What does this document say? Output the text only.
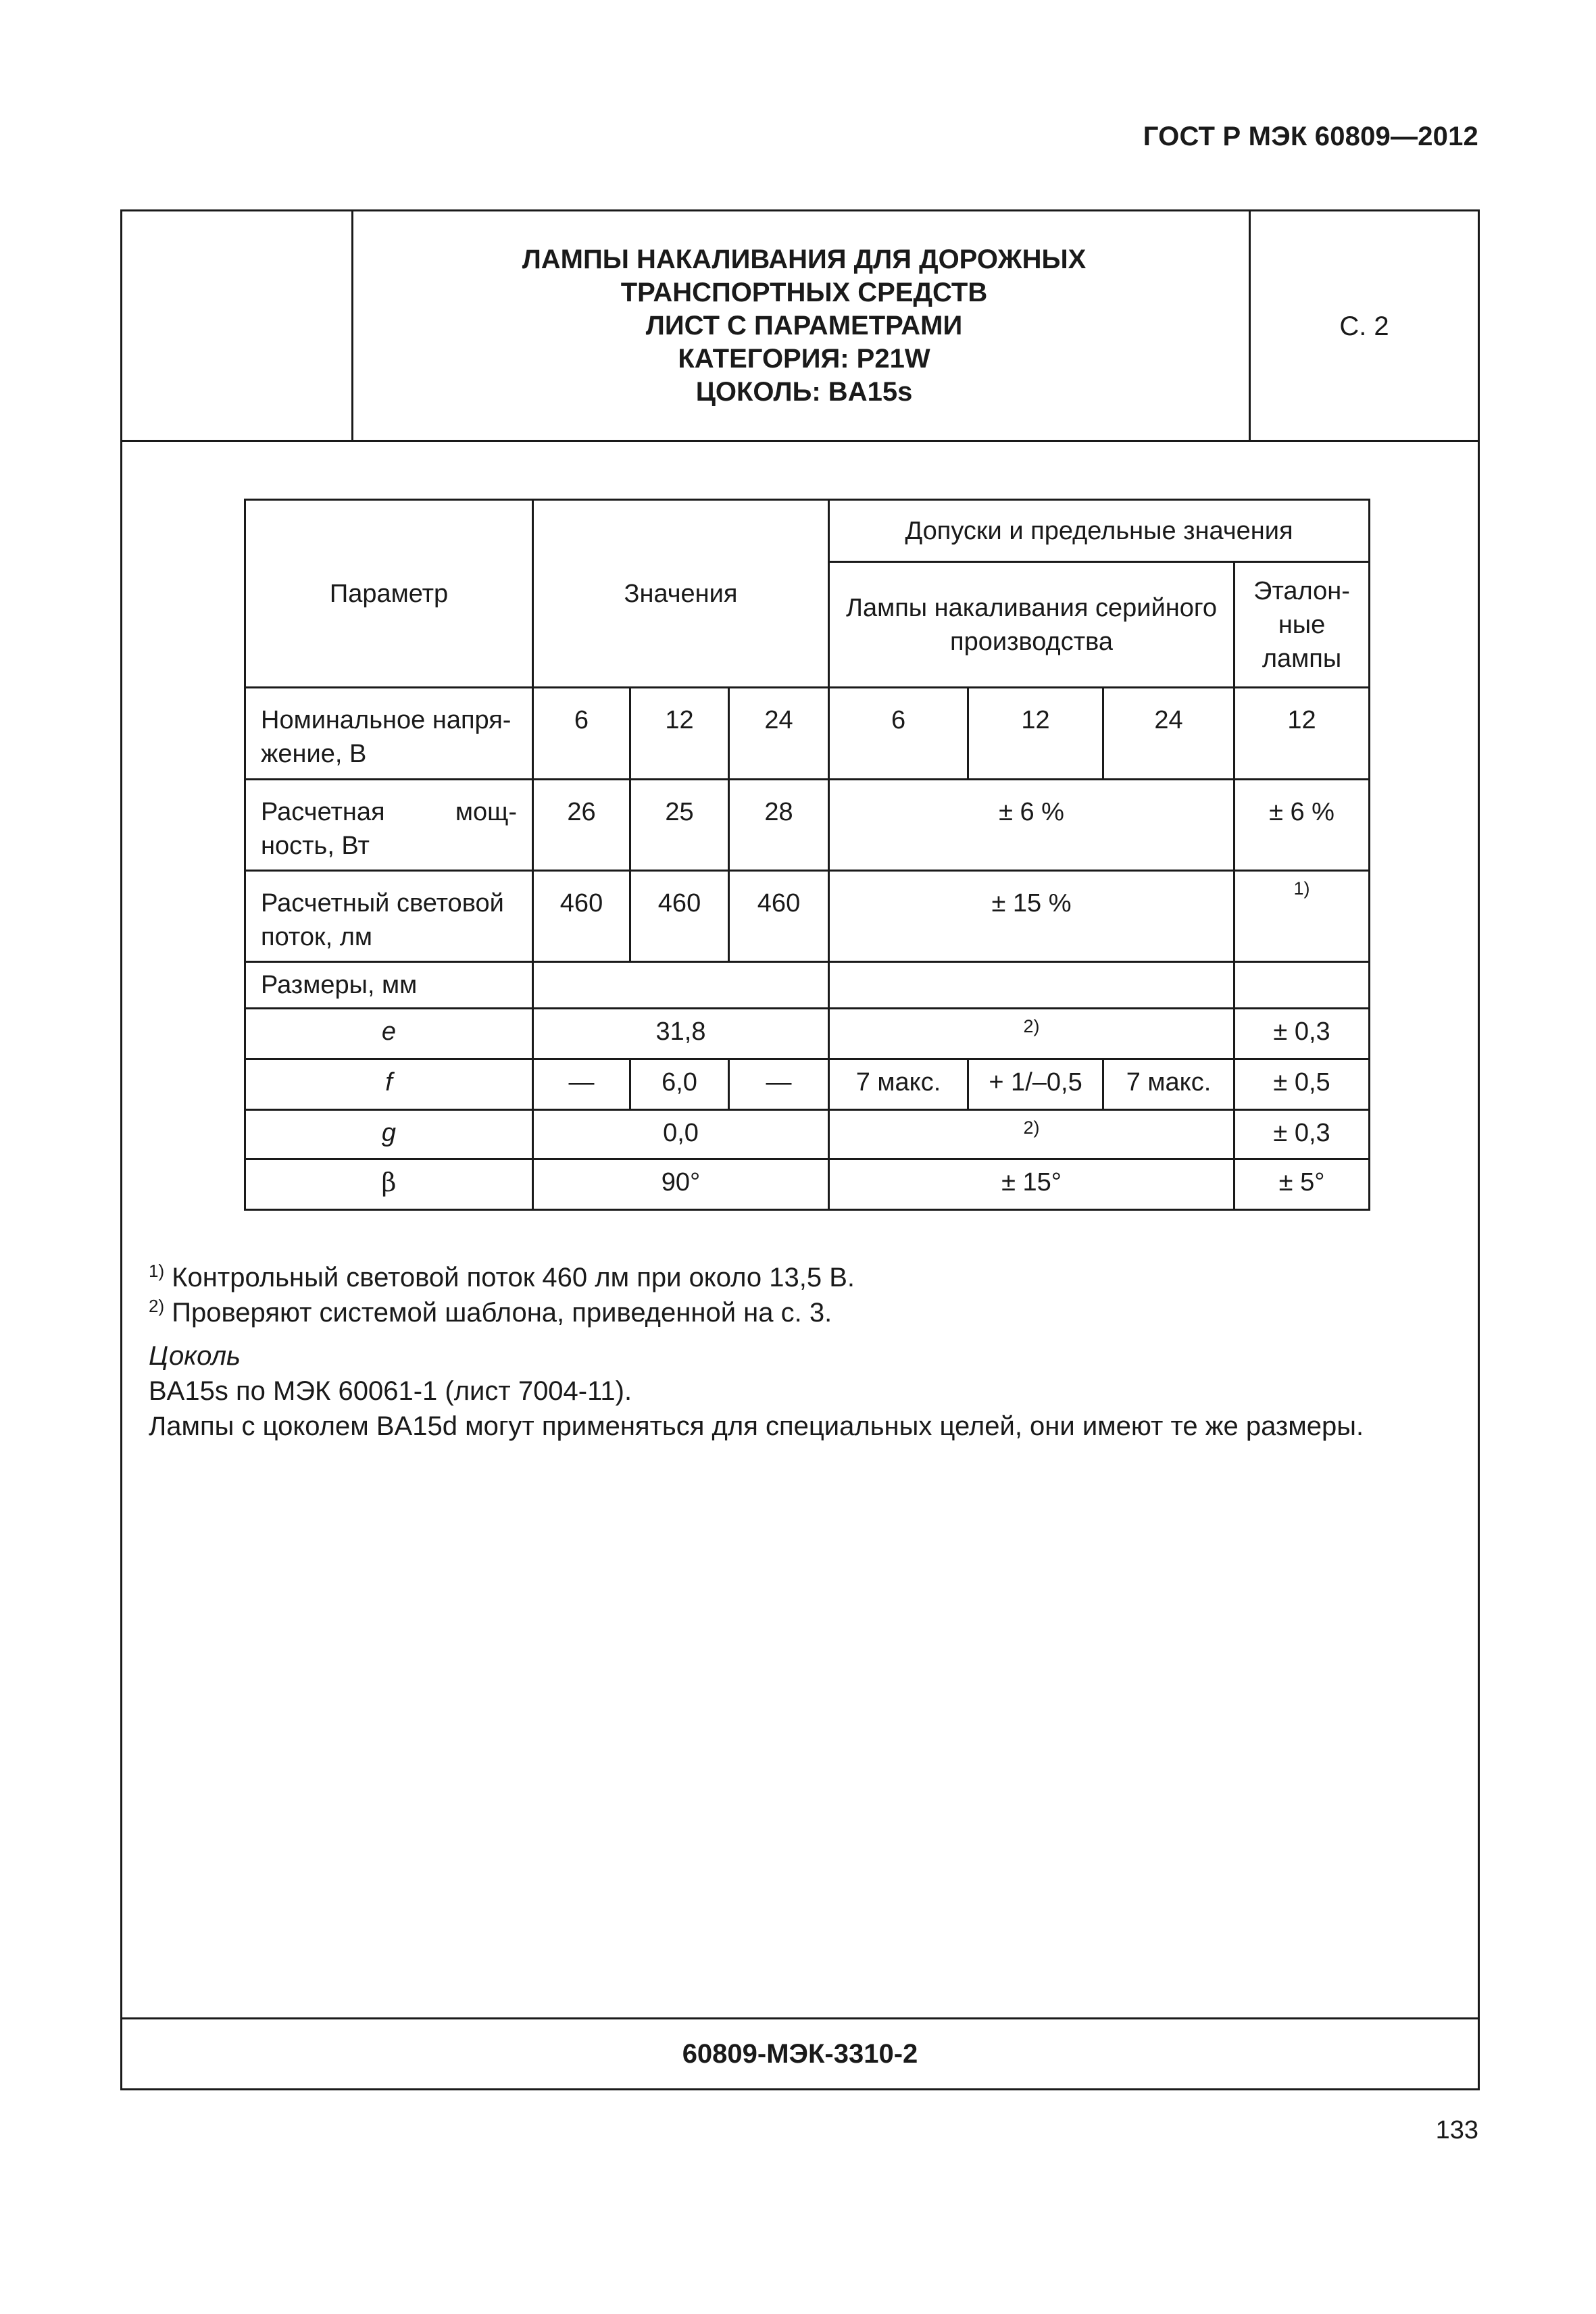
ГОСТ Р МЭК 60809—2012
ЛАМПЫ НАКАЛИВАНИЯ ДЛЯ ДОРОЖНЫХ
ТРАНСПОРТНЫХ СРЕДСТВ
ЛИСТ С ПАРАМЕТРАМИ
КАТЕГОРИЯ: P21W
ЦОКОЛЬ: BA15s
С. 2
Параметр	Значения			Допуски и предельные значения			
				Лампы накаливания серийного производства			Эталон-ные лампы
Номинальное напря-жение, В	6	12	24	6	12	24	12
Расчетная мощ-ность, Вт	26	25	28	± 6 %			± 6 %
Расчетный световой поток, лм	460	460	460	± 15 %			1)
Размеры, мм							
e	31,8			2)			± 0,3
f	—	6,0	—	7 макс.	+ 1/–0,5	7 макс.	± 0,5
g	0,0			2)			± 0,3
β	90°			± 15°			± 5°
60809-МЭК-3310-2

$^{1)}$ Контрольный световой поток 460 лм при около 13,5 В.

$^{2)}$ Проверяют системой шаблона, приведенной на с. 3.

Цоколь

BA15s по МЭК 60061-1 (лист 7004-11).

Лампы с цоколем BA15d могут применяться для специальных целей, они имеют те же размеры.

133
